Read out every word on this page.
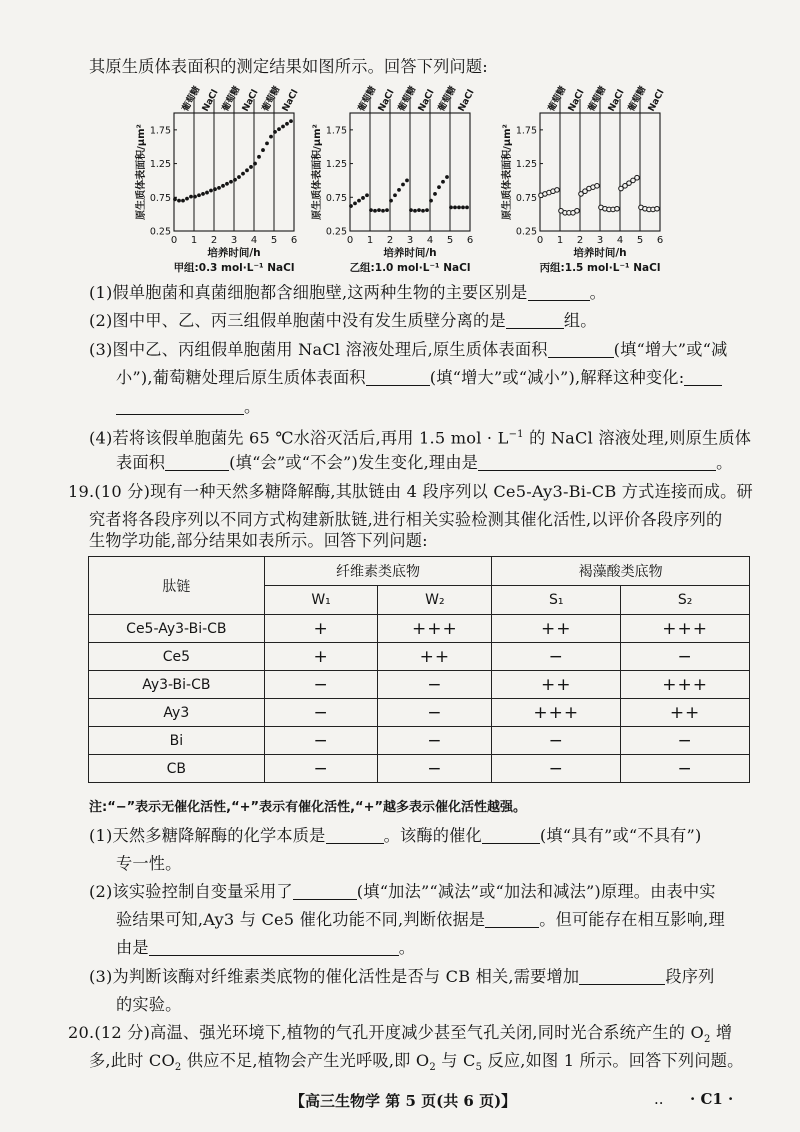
其原生质体表面积的测定结果如图所示。回答下列问题:
葡萄糖
NaCl 葡萄糖
NaCl 葡萄糖
NaCl
0.25
0.75
1.25
1.75
0 1 2 3 4 5 6
培养时间/h
原生质体表面积/μm²
甲组:0.3 mol·L⁻¹ NaCl
葡萄糖
NaCl 葡萄糖
NaCl 葡萄糖
NaCl
0.25
0.75
1.25
1.75
0 1 2 3 4 5 6
培养时间/h
原生质体表面积/μm²
乙组:1.0 mol·L⁻¹ NaCl
葡萄糖
NaCl 葡萄糖
NaCl 葡萄糖
NaCl
0.25
0.75
1.25
1.75
0 1 2 3 4 5 6
培养时间/h
原生质体表面积/μm²
丙组:1.5 mol·L⁻¹ NaCl
(1)假单胞菌和真菌细胞都含细胞壁,这两种生物的主要区别是	。
(2)图中甲、乙、丙三组假单胞菌中没有发生质壁分离的是	组。
(3)图中乙、丙组假单胞菌用 NaCl 溶液处理后,原生质体表面积	(填“增大”或“减
小”),葡萄糖处理后原生质体表面积	(填“增大”或“减小”),解释这种变化:
。
(4)若将该假单胞菌先 65 ℃水浴灭活后,再用 1.5 mol · $L^{-1}$ 的 NaCl 溶液处理,则原生质体
表面积	(填“会”或“不会”)发生变化,理由是	。
19.(10 分)现有一种天然多糖降解酶,其肽链由 4 段序列以 Ce5-Ay3-Bi-CB 方式连接而成。研
究者将各段序列以不同方式构建新肽链,进行相关实验检测其催化活性,以评价各段序列的
生物学功能,部分结果如表所示。回答下列问题:
肽链	纤维素类底物		褐藻酸类底物	
	W₁	W₂	S₁	S₂
Ce5-Ay3-Bi-CB	+	+++	++	+++
Ce5	+	++	−	−
Ay3-Bi-CB	−	−	++	+++
Ay3	−	−	+++	++
Bi	−	−	−	−
CB	−	−	−	−
注:“−”表示无催化活性,“+”表示有催化活性,“+”越多表示催化活性越强。
(1)天然多糖降解酶的化学本质是	。该酶的催化	(填“具有”或“不具有”)
专一性。
(2)该实验控制自变量采用了	(填“加法”“减法”或“加法和减法”)原理。由表中实
验结果可知,Ay3 与 Ce5 催化功能不同,判断依据是	。但可能存在相互影响,理
由是	。
(3)为判断该酶对纤维素类底物的催化活性是否与 CB 相关,需要增加	段序列
的实验。
20.(12 分)高温、强光环境下,植物的气孔开度减少甚至气孔关闭,同时光合系统产生的 $O_2$ 增
多,此时 $CO_2$ 供应不足,植物会产生光呼吸,即 $O_2$ 与 $C_5$ 反应,如图 1 所示。回答下列问题。
【高三生物学 第 5 页(共 6 页)】	.. · C1 ·
